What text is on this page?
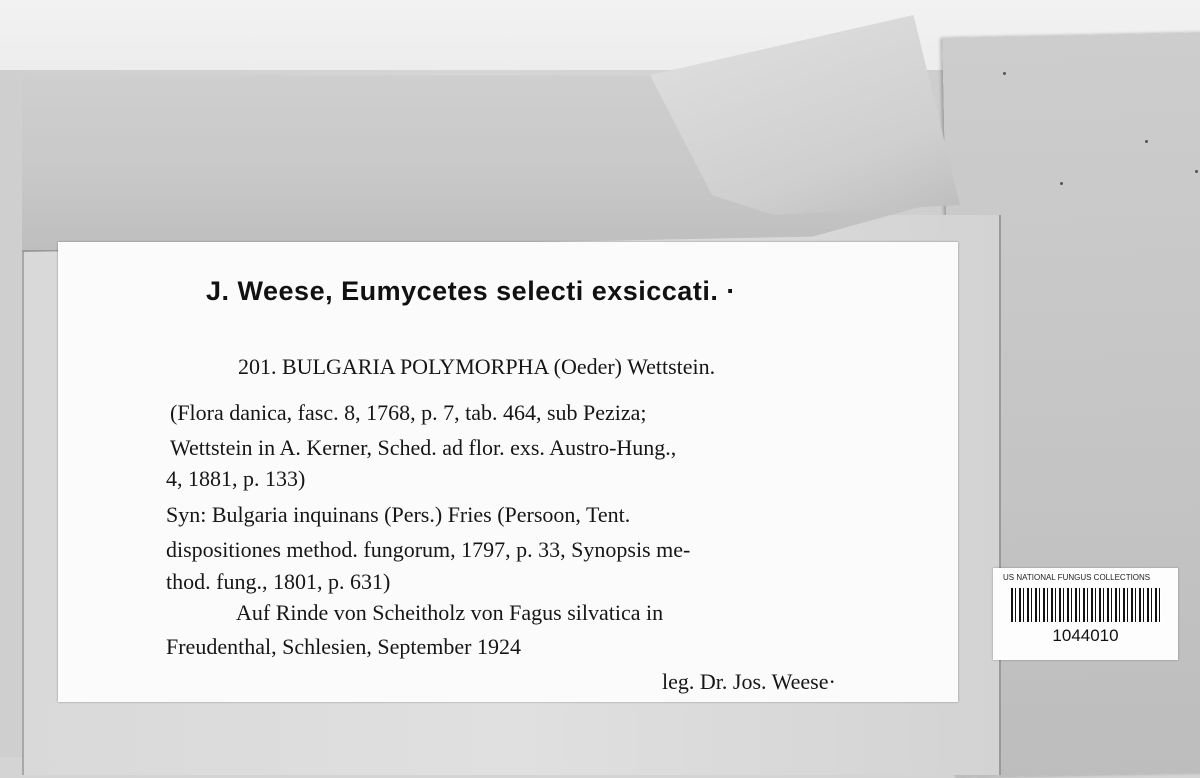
J. Weese, Eumycetes selecti exsiccati. ·
201. BULGARIA POLYMORPHA (Oeder) Wettstein.
(Flora danica, fasc. 8, 1768, p. 7, tab. 464, sub Peziza;
Wettstein in A. Kerner, Sched. ad flor. exs. Austro-Hung.,
4, 1881, p. 133)
Syn: Bulgaria inquinans (Pers.) Fries (Persoon, Tent.
dispositiones method. fungorum, 1797, p. 33, Synopsis me-
thod. fung., 1801, p. 631)
Auf Rinde von Scheitholz von Fagus silvatica in
Freudenthal, Schlesien, September 1924
leg. Dr. Jos. Weese·
US NATIONAL FUNGUS COLLECTIONS
1044010
